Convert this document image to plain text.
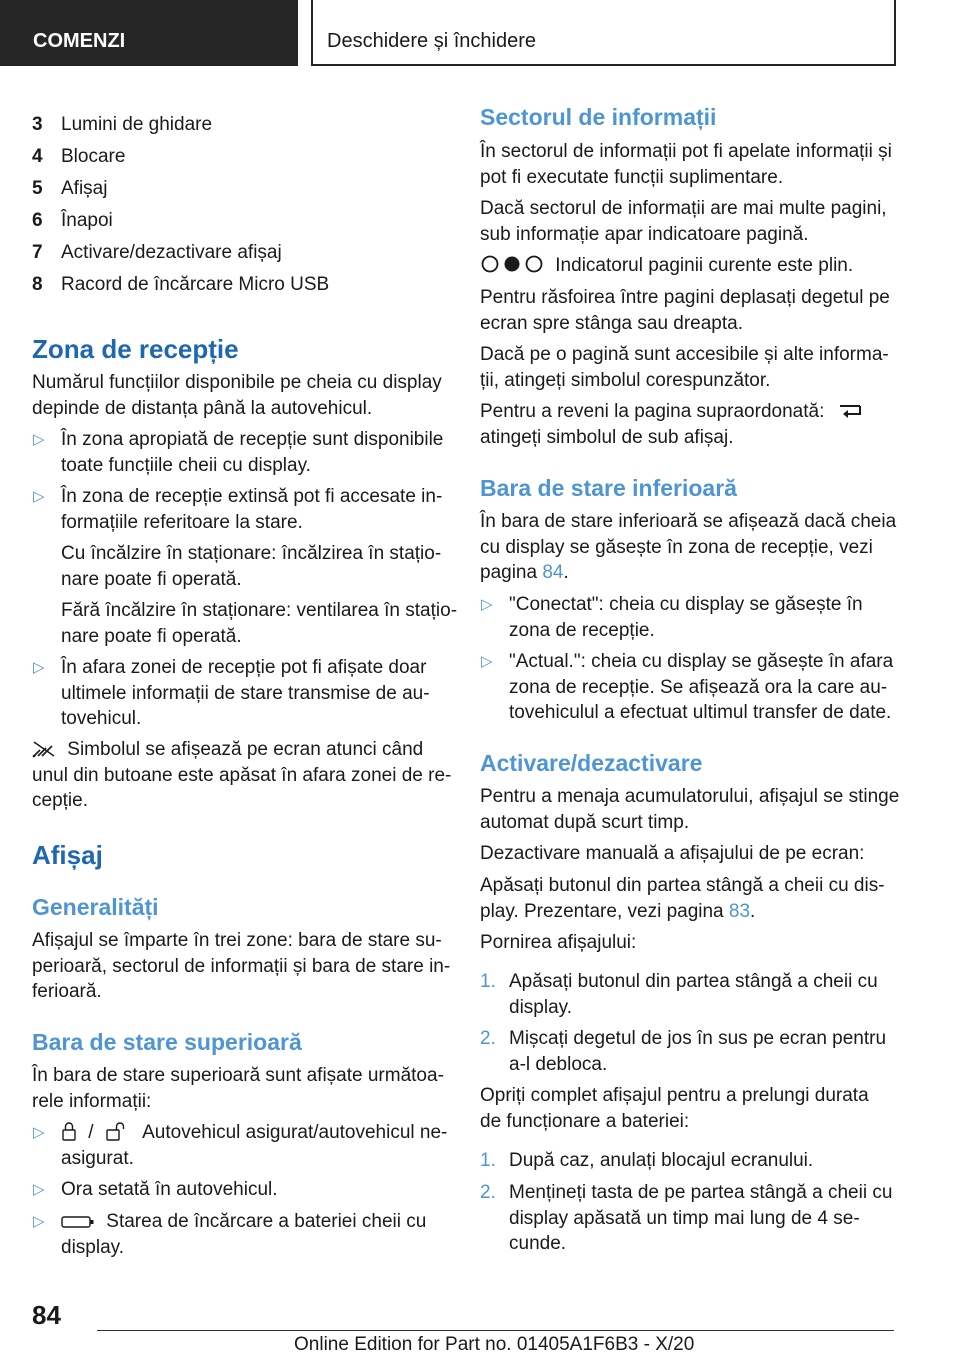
COMENZI	Deschidere și închidere
3 Lumini de ghidare
4 Blocare
5 Afișaj
6 Înapoi
7 Activare/dezactivare afișaj
8 Racord de încărcare Micro USB
Zona de recepție

Numărul funcțiilor disponibile pe cheia cu display
depinde de distanța până la autovehicul.

▷ În zona apropiată de recepție sunt disponibile
toate funcțiile cheii cu display.
▷ În zona de recepție extinsă pot fi accesate in-
formațiile referitoare la stare.
Cu încălzire în staționare: încălzirea în stațio-
nare poate fi operată.
Fără încălzire în staționare: ventilarea în stațio-
nare poate fi operată.
▷ În afara zonei de recepție pot fi afișate doar
ultimele informații de stare transmise de au-
tovehicul.

Simbolul se afișează pe ecran atunci când
unul din butoane este apăsat în afara zonei de re-
cepție.

Afișaj
Generalități

Afișajul se împarte în trei zone: bara de stare su-
perioară, sectorul de informații și bara de stare in-
ferioară.

Bara de stare superioară

În bara de stare superioară sunt afișate următoa-
rele informații:

▷ /	Autovehicul asigurat/autovehicul ne-
asigurat.
▷ Ora setată în autovehicul.
▷	Starea de încărcare a bateriei cheii cu
display.
Sectorul de informații

În sectorul de informații pot fi apelate informații și
pot fi executate funcții suplimentare.

Dacă sectorul de informații are mai multe pagini,
sub informație apar indicatoare pagină.

Indicatorul paginii curente este plin.

Pentru răsfoirea între pagini deplasați degetul pe
ecran spre stânga sau dreapta.

Dacă pe o pagină sunt accesibile și alte informa-
ții, atingeți simbolul corespunzător.

Pentru a reveni la pagina supraordonată:
atingeți simbolul de sub afișaj.

Bara de stare inferioară

În bara de stare inferioară se afișează dacă cheia
cu display se găsește în zona de recepție, vezi
pagina 84.

▷ "Conectat": cheia cu display se găsește în
zona de recepție.
▷ "Actual.": cheia cu display se găsește în afara
zona de recepție. Se afișează ora la care au-
tovehiculul a efectuat ultimul transfer de date.
Activare/dezactivare

Pentru a menaja acumulatorului, afișajul se stinge
automat după scurt timp.

Dezactivare manuală a afișajului de pe ecran:

Apăsați butonul din partea stângă a cheii cu dis-
play. Prezentare, vezi pagina 83.

Pornirea afișajului:

1. Apăsați butonul din partea stângă a cheii cu
display.
2. Mișcați degetul de jos în sus pe ecran pentru
a-l debloca.

Opriți complet afișajul pentru a prelungi durata
de funcționare a bateriei:

1. După caz, anulați blocajul ecranului.
2. Mențineți tasta de pe partea stângă a cheii cu
display apăsată un timp mai lung de 4 se-
cunde.
84
Online Edition for Part no. 01405A1F6B3 - X/20
